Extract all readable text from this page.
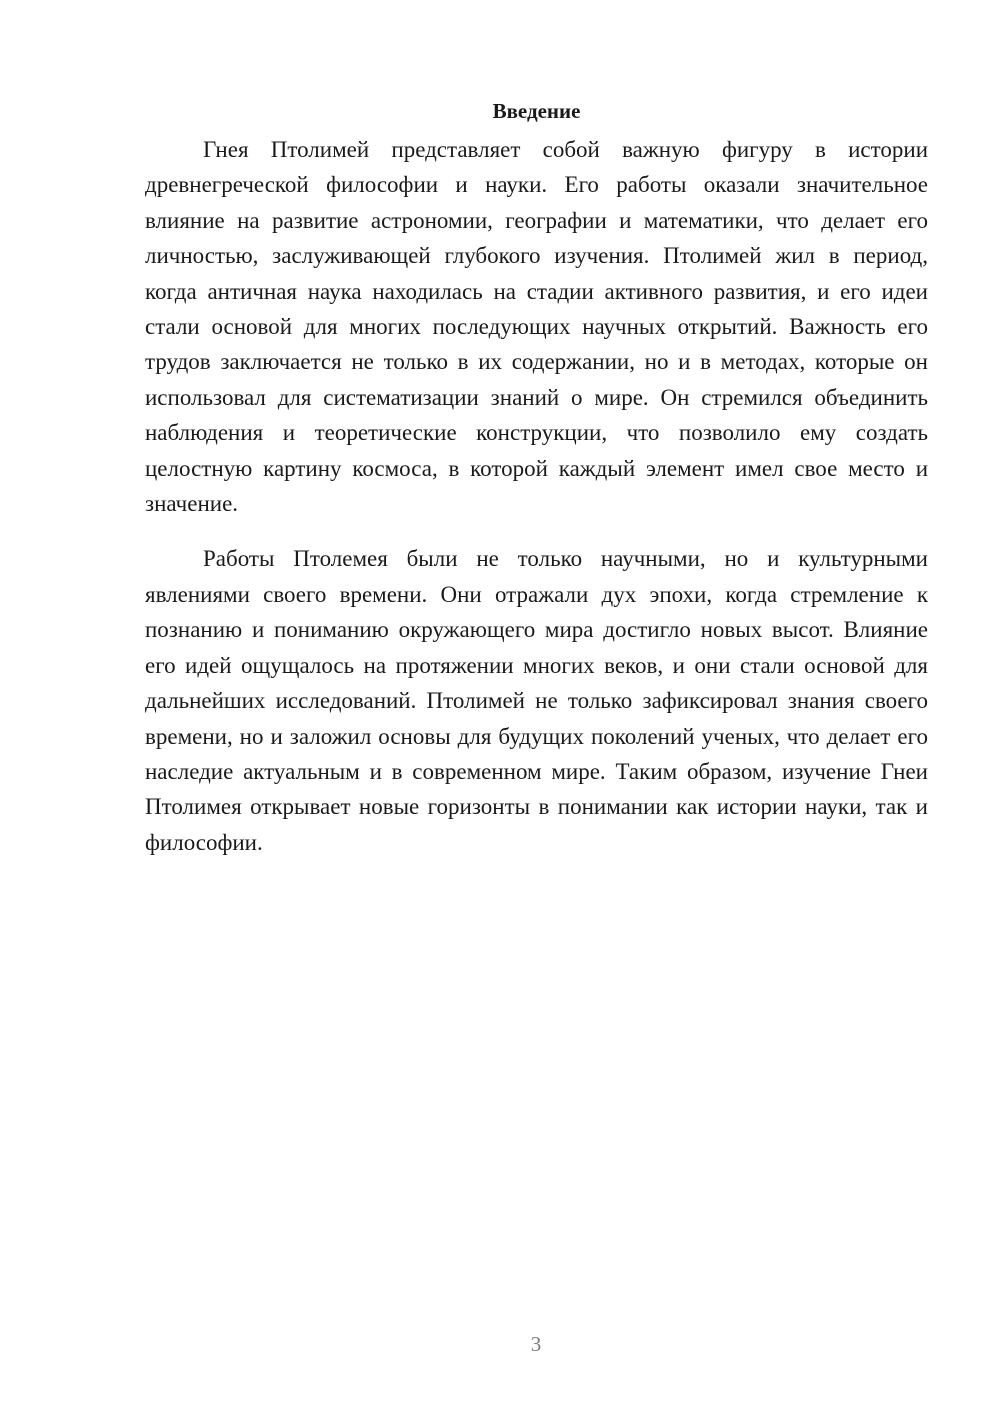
Введение

Гнея Птолимей представляет собой важную фигуру в истории древнегреческой философии и науки. Его работы оказали значительное влияние на развитие астрономии, географии и математики, что делает его личностью, заслуживающей глубокого изучения. Птолимей жил в период, когда античная наука находилась на стадии активного развития, и его идеи стали основой для многих последующих научных открытий. Важность его трудов заключается не только в их содержании, но и в методах, которые он использовал для систематизации знаний о мире. Он стремился объединить наблюдения и теоретические конструкции, что позволило ему создать целостную картину космоса, в которой каждый элемент имел свое место и значение.

Работы Птолемея были не только научными, но и культурными явлениями своего времени. Они отражали дух эпохи, когда стремление к познанию и пониманию окружающего мира достигло новых высот. Влияние его идей ощущалось на протяжении многих веков, и они стали основой для дальнейших исследований. Птолимей не только зафиксировал знания своего времени, но и заложил основы для будущих поколений ученых, что делает его наследие актуальным и в современном мире. Таким образом, изучение Гнеи Птолимея открывает новые горизонты в понимании как истории науки, так и философии.

3
